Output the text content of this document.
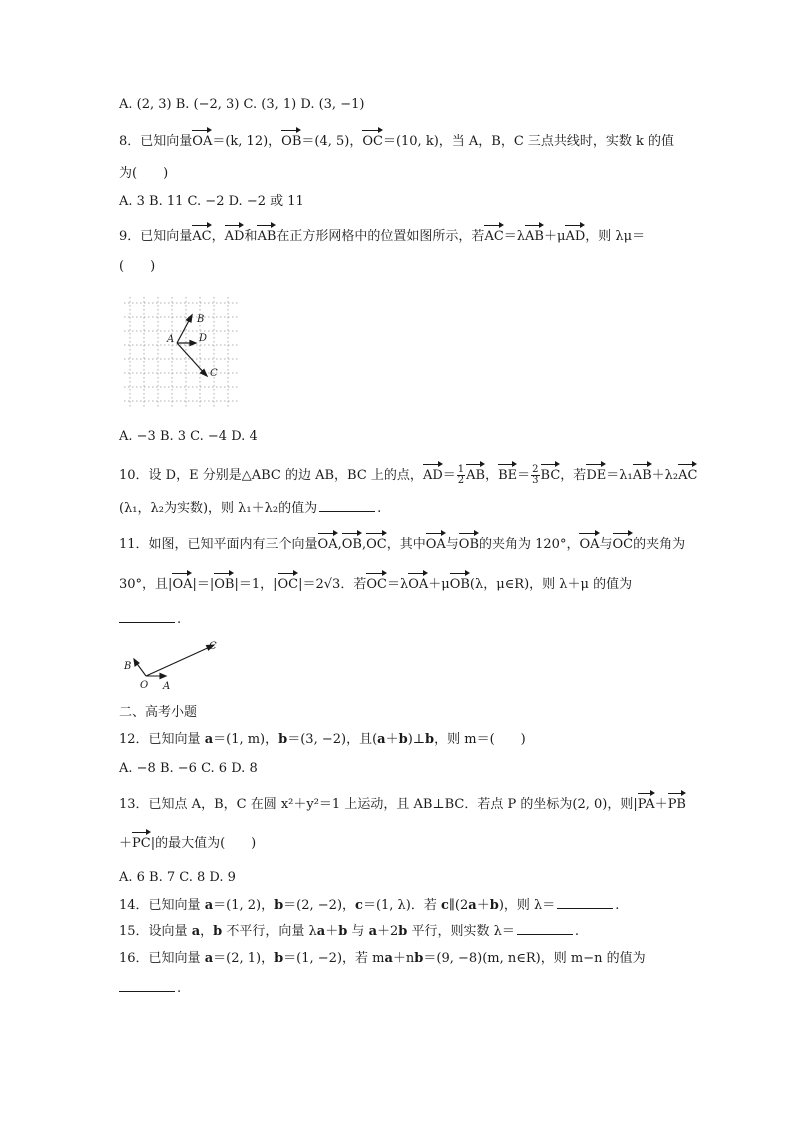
A. (2, 3) B. (−2, 3) C. (3, 1) D. (3, −1)
8．已知向量OA＝(k, 12)，OB＝(4, 5)，OC＝(10, k)，当 A，B，C 三点共线时，实数 k 的值
为(　　)
A. 3 B. 11 C. −2 D. −2 或 11
9．已知向量AC，AD和AB在正方形网格中的位置如图所示，若AC＝λAB＋μAD，则 λμ＝
(　　)
A
B
D
C
A. −3 B. 3 C. −4 D. 4
10．设 D，E 分别是△ABC 的边 AB，BC 上的点，$AD= \frac{1}{2}$ AB，$BE= \frac{2}{3}$ BC，若DE＝λ₁AB＋λ₂AC
(λ₁，λ₂为实数)，则 λ₁＋λ₂的值为	.
11．如图，已知平面内有三个向量OA,OB,OC，其中OA与OB的夹角为 120°，OA与OC的夹角为
30°，且|OA|＝|OB|＝1，|OC|＝2√3．若OC＝λOA＋μOB(λ，μ∈R)，则 λ＋μ 的值为
.
O A
B
C
二、高考小题
12．已知向量 a＝(1, m)，b＝(3, −2)，且(a＋b)⊥b，则 m＝(　　)
A. −8 B. −6 C. 6 D. 8
13．已知点 A，B，C 在圆 x²＋y²＝1 上运动，且 AB⊥BC．若点 P 的坐标为(2, 0)，则|PA＋PB
＋PC|的最大值为(　　)
A. 6 B. 7 C. 8 D. 9
14．已知向量 a＝(1, 2)，b＝(2, −2)，c＝(1, λ)．若 c∥(2a＋b)，则 λ＝	.
15．设向量 a，b 不平行，向量 λa＋b 与 a＋2b 平行，则实数 λ＝	.
16．已知向量 a＝(2, 1)，b＝(1, −2)，若 ma＋nb＝(9, −8)(m, n∈R)，则 m−n 的值为
.
